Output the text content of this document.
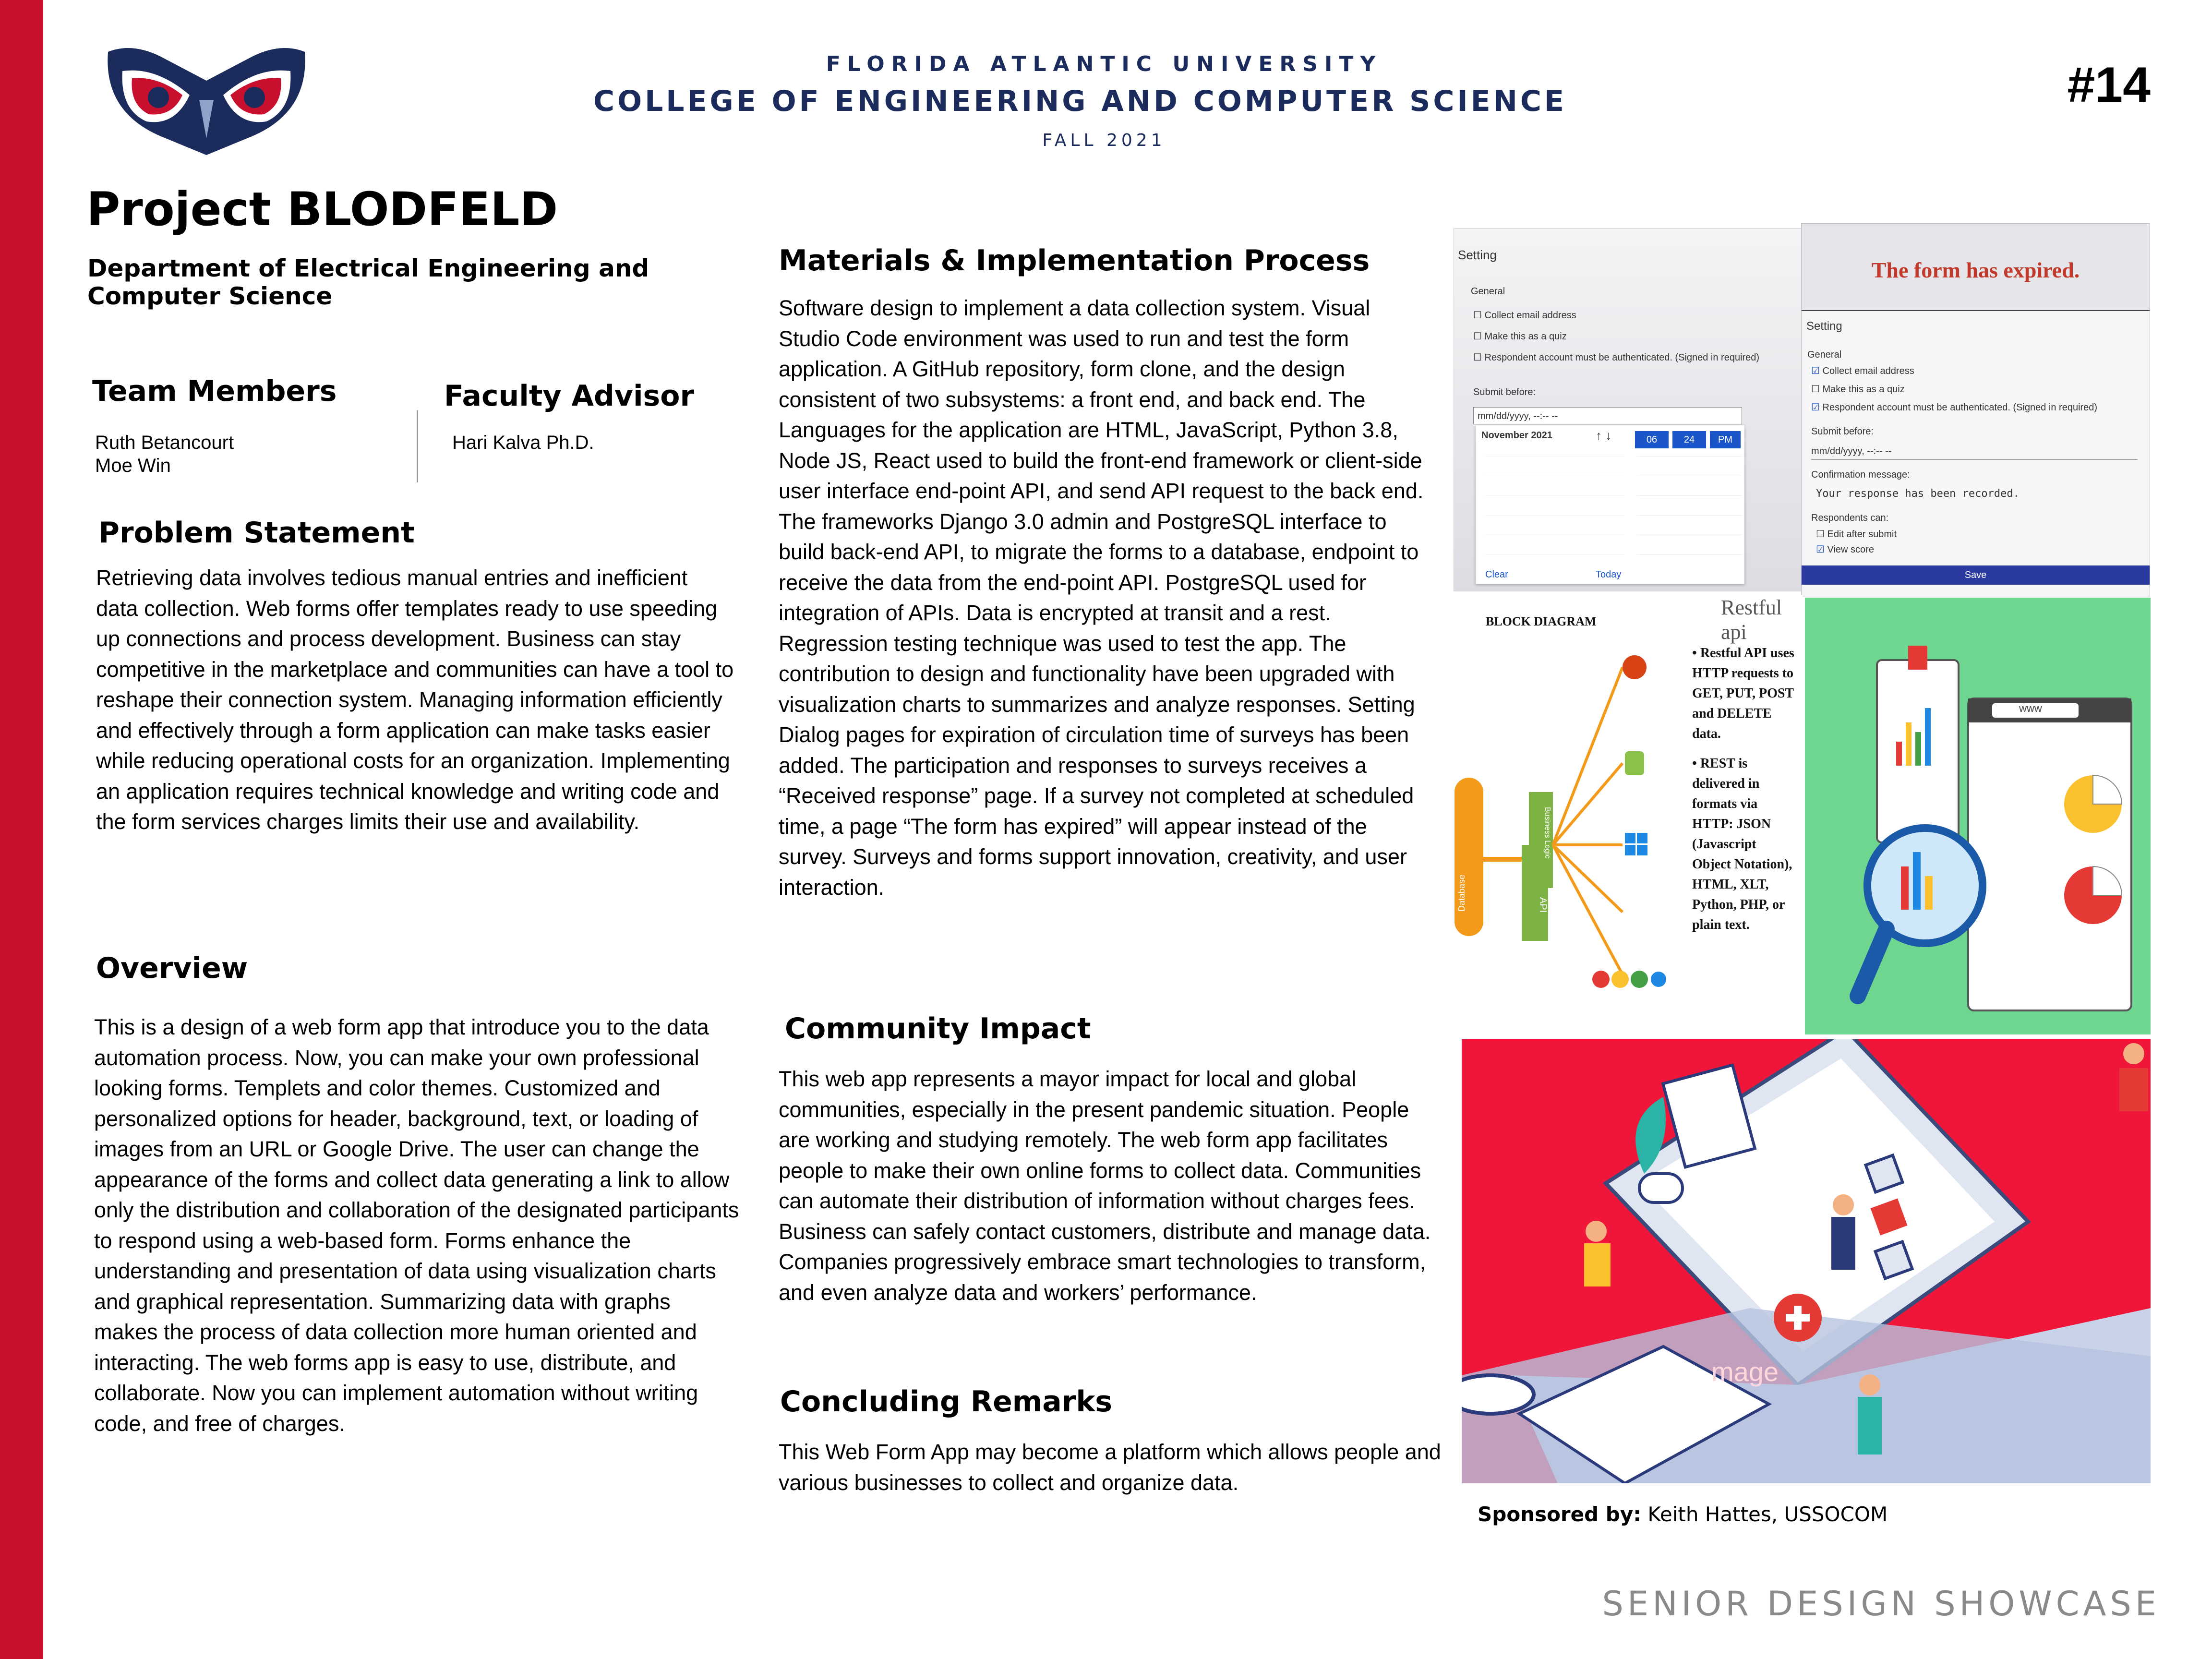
FLORIDA ATLANTIC UNIVERSITY
COLLEGE OF ENGINEERING AND COMPUTER SCIENCE
FALL 2021
#14
Project BLODFELD
Department of Electrical Engineering and Computer Science
Team Members
Ruth Betancourt
Moe Win
Faculty Advisor
Hari Kalva Ph.D.
Problem Statement
Retrieving data involves tedious manual entries and inefficient data collection. Web forms offer templates ready to use speeding up connections and process development. Business can stay competitive in the marketplace and communities can have a tool to reshape their connection system. Managing information efficiently and effectively through a form application can make tasks easier while reducing operational costs for an organization. Implementing an application requires technical knowledge and writing code and the form services charges limits their use and availability.
Overview
This is a design of a web form app that introduce you to the data automation process. Now, you can make your own professional looking forms. Templets and color themes. Customized and personalized options for header, background, text, or loading of images from an URL or Google Drive. The user can change the appearance of the forms and collect data generating a link to allow only the distribution and collaboration of the designated participants to respond using a web-based form. Forms enhance the understanding and presentation of data using visualization charts and graphical representation. Summarizing data with graphs makes the process of data collection more human oriented and interacting. The web forms app is easy to use, distribute, and collaborate. Now you can implement automation without writing code, and free of charges.
Materials & Implementation Process
Software design to implement a data collection system. Visual Studio Code environment was used to run and test the form application. A GitHub repository, form clone, and the design consistent of two subsystems: a front end, and back end. The Languages for the application are HTML, JavaScript, Python 3.8, Node JS, React used to build the front-end framework or client-side user interface end-point API, and send API request to the back end. The frameworks Django 3.0 admin and PostgreSQL interface to build back-end API, to migrate the forms to a database, endpoint to receive the data from the end-point API. PostgreSQL used for integration of APIs. Data is encrypted at transit and a rest. Regression testing technique was used to test the app. The contribution to design and functionality have been upgraded with visualization charts to summarizes and analyze responses. Setting Dialog pages for expiration of circulation time of surveys has been added. The participation and responses to surveys receives a “Received response” page. If a survey not completed at scheduled time, a page “The form has expired” will appear instead of the survey. Surveys and forms support innovation, creativity, and user interaction.
Community Impact
This web app represents a mayor impact for local and global communities, especially in the present pandemic situation. People are working and studying remotely. The web form app facilitates people to make their own online forms to collect data. Communities can automate their distribution of information without charges fees. Business can safely contact customers, distribute and manage data. Companies progressively embrace smart technologies to transform, and even analyze data and workers’ performance.
Concluding Remarks
This Web Form App may become a platform which allows people and various businesses to collect and organize data.
Setting
General
☐ Collect email address
☐ Make this as a quiz
☐ Respondent account must be authenticated. (Signed in required)
Submit before:
mm/dd/yyyy, --:-- --
November 2021	↑ ↓	06	24	PM
Clear	Today
The form has expired.
Setting
General
☑ Collect email address
☐ Make this as a quiz
☑ Respondent account must be authenticated. (Signed in required)
Submit before:
mm/dd/yyyy, --:-- --
Confirmation message:
Your response has been recorded.
Respondents can:
☐ Edit after submit
☑ View score
Save
BLOCK DIAGRAM
Database
Business Logic
API
Restful api
• Restful API uses HTTP requests to GET, PUT, POST and DELETE data.
• REST is delivered in formats via HTTP: JSON (Javascript Object Notation), HTML, XLT, Python, PHP, or plain text.
www
mage
Sponsored by: Keith Hattes, USSOCOM
SENIOR DESIGN SHOWCASE
